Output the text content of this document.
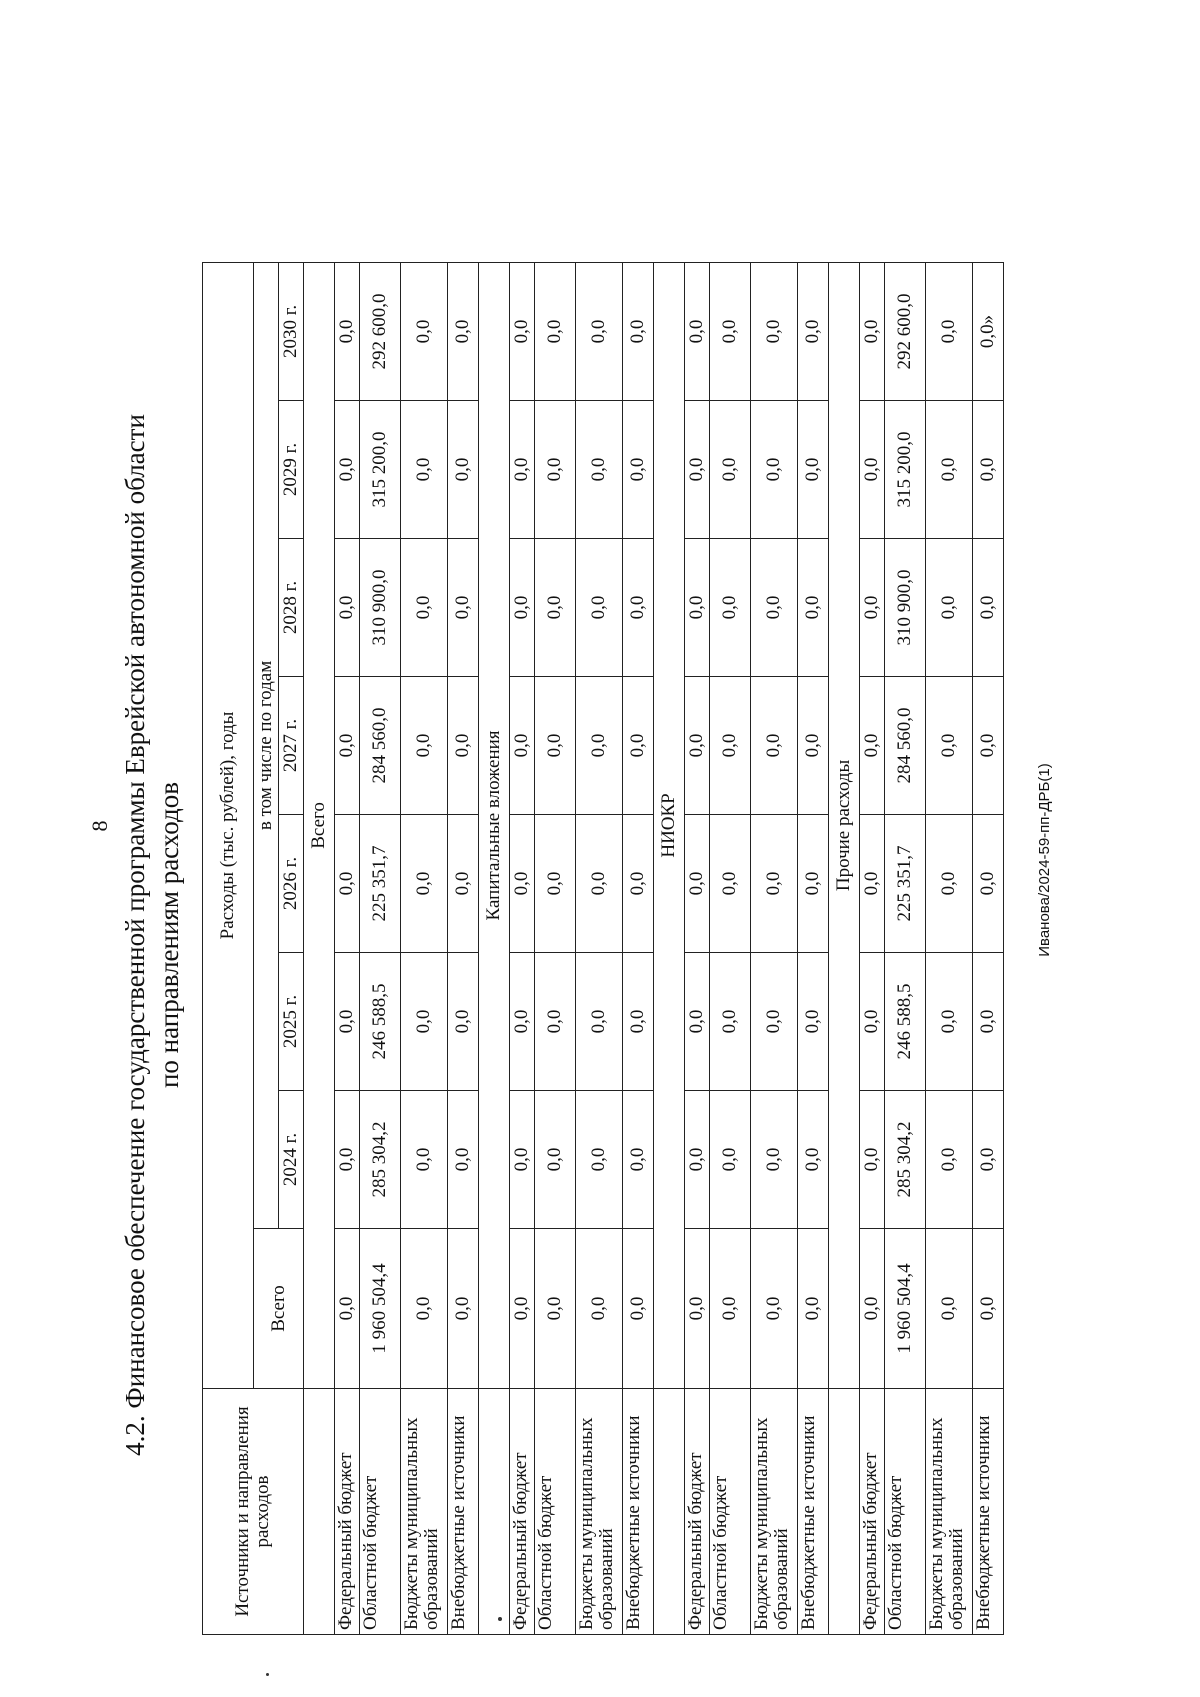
8	Иванова/2024-59-пп-ДРБ(1)
4.2. Финансовое обеспечение государственной программы Еврейской автономной области по направлениям расходов
Источники и направления расходов	Расходы (тыс. рублей), годы							
	Всего	в том числе по годам						
		2024 г.	2025 г.	2026 г.	2027 г.	2028 г.	2029 г.	2030 г.
	Всего							
Федеральный бюджет	0,0	0,0	0,0	0,0	0,0	0,0	0,0	0,0
Областной бюджет	1 960 504,4	285 304,2	246 588,5	225 351,7	284 560,0	310 900,0	315 200,0	292 600,0
Бюджеты муниципальных образований	0,0	0,0	0,0	0,0	0,0	0,0	0,0	0,0
Внебюджетные источники	0,0	0,0	0,0	0,0	0,0	0,0	0,0	0,0
	Капитальные вложения							
Федеральный бюджет	0,0	0,0	0,0	0,0	0,0	0,0	0,0	0,0
Областной бюджет	0,0	0,0	0,0	0,0	0,0	0,0	0,0	0,0
Бюджеты муниципальных образований	0,0	0,0	0,0	0,0	0,0	0,0	0,0	0,0
Внебюджетные источники	0,0	0,0	0,0	0,0	0,0	0,0	0,0	0,0
	НИОКР							
Федеральный бюджет	0,0	0,0	0,0	0,0	0,0	0,0	0,0	0,0
Областной бюджет	0,0	0,0	0,0	0,0	0,0	0,0	0,0	0,0
Бюджеты муниципальных образований	0,0	0,0	0,0	0,0	0,0	0,0	0,0	0,0
Внебюджетные источники	0,0	0,0	0,0	0,0	0,0	0,0	0,0	0,0
	Прочие расходы							
Федеральный бюджет	0,0	0,0	0,0	0,0	0,0	0,0	0,0	0,0
Областной бюджет	1 960 504,4	285 304,2	246 588,5	225 351,7	284 560,0	310 900,0	315 200,0	292 600,0
Бюджеты муниципальных образований	0,0	0,0	0,0	0,0	0,0	0,0	0,0	0,0
Внебюджетные источники	0,0	0,0	0,0	0,0	0,0	0,0	0,0	0,0»
